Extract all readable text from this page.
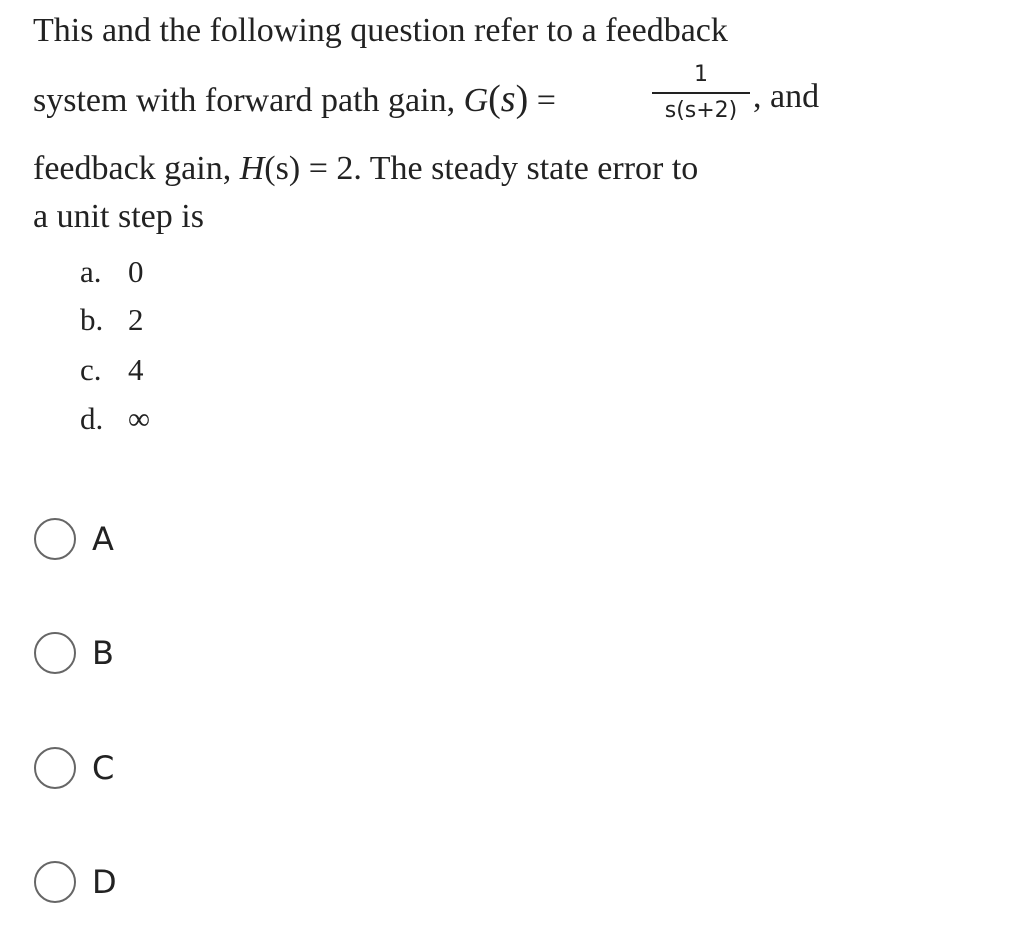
This and the following question refer to a feedback
system with forward path gain, G(s) =
1
s(s+2) , and
feedback gain, H(s) = 2. The steady state error to
a unit step is
a. 0
b. 2
c. 4
d. ∞
A
B
C
D
